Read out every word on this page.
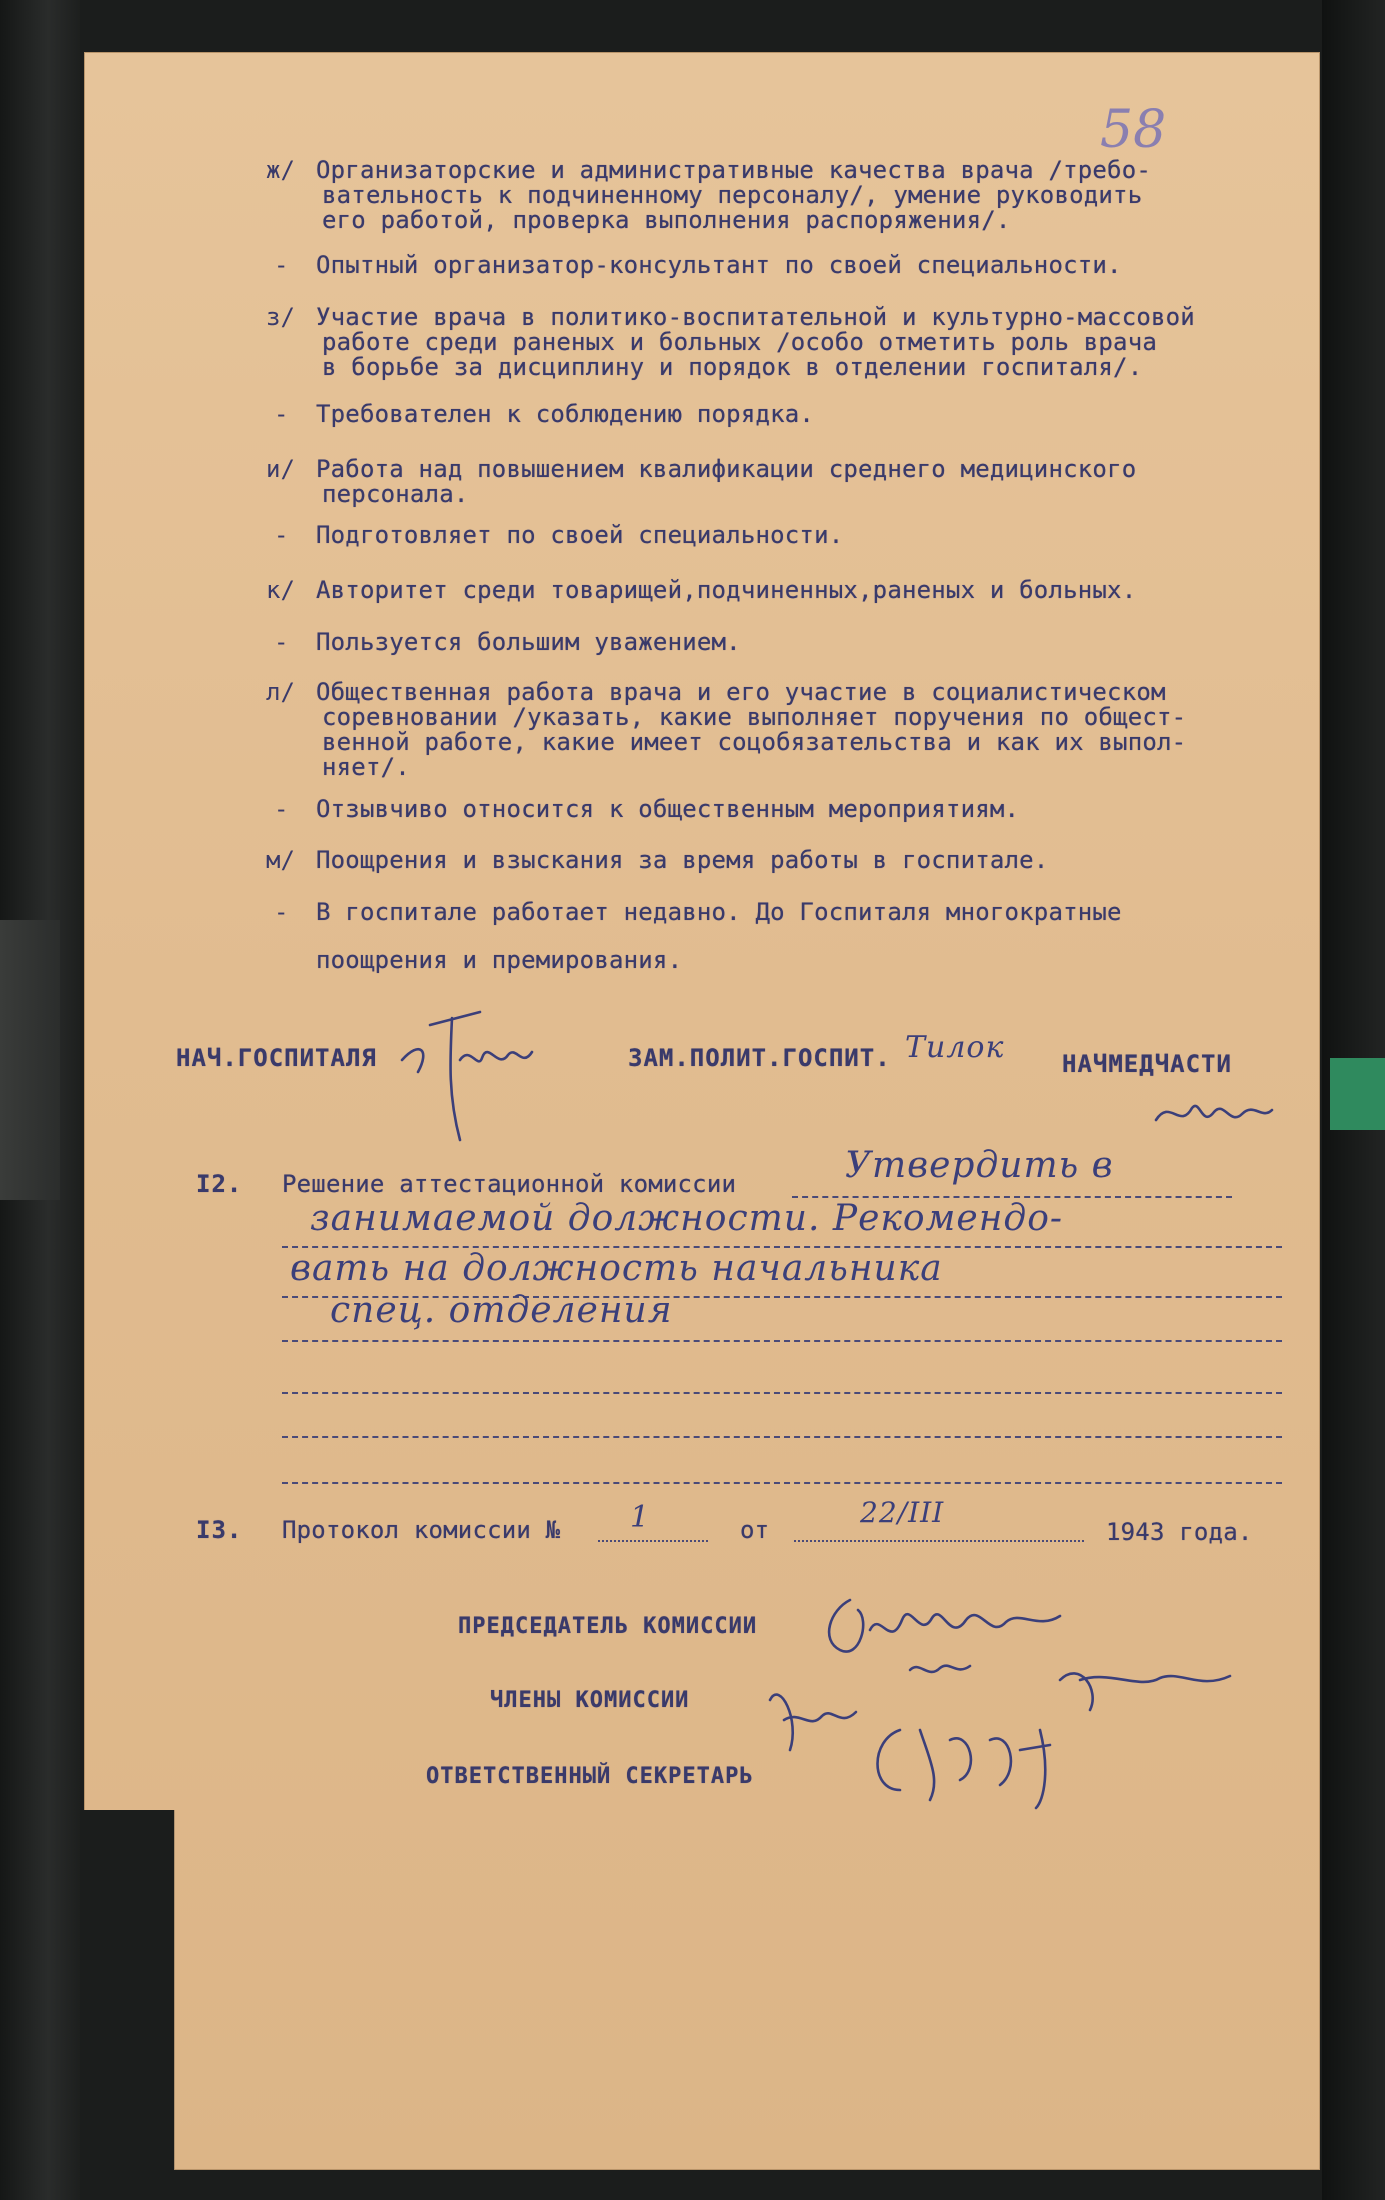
58
ж/ Организаторские и административные качества врача /требо-
вательность к подчиненному персоналу/, умение руководить
его работой, проверка выполнения распоряжения/.
- Опытный организатор-консультант по своей специальности.
з/ Участие врача в политико-воспитательной и культурно-массовой
работе среди раненых и больных /особо отметить роль врача
в борьбе за дисциплину и порядок в отделении госпиталя/.
- Требователен к соблюдению порядка.
и/ Работа над повышением квалификации среднего медицинского
персонала.
- Подготовляет по своей специальности.
к/ Авторитет среди товарищей,подчиненных,раненых и больных.
- Пользуется большим уважением.
л/ Общественная работа врача и его участие в социалистическом
соревновании /указать, какие выполняет поручения по общест-
венной работе, какие имеет соцобязательства и как их выпол-
няет/.
- Отзывчиво относится к общественным мероприятиям.
м/ Поощрения и взыскания за время работы в госпитале.
- В госпитале работает недавно. До Госпиталя многократные
поощрения и премирования.
НАЧ.ГОСПИТАЛЯ	ЗАМ.ПОЛИТ.ГОСПИТ. Тилок НАЧМЕДЧАСТИ
I2. Решение аттестационной комиссии	Утвердить в
занимаемой должности. Рекомендо-
вать на должность начальника
спец. отделения
I3. Протокол комиссии № 1	от
22/III
1943 года.
ПРЕДСЕДАТЕЛЬ КОМИССИИ
ЧЛЕНЫ КОМИССИИ
ОТВЕТСТВЕННЫЙ СЕКРЕТАРЬ
